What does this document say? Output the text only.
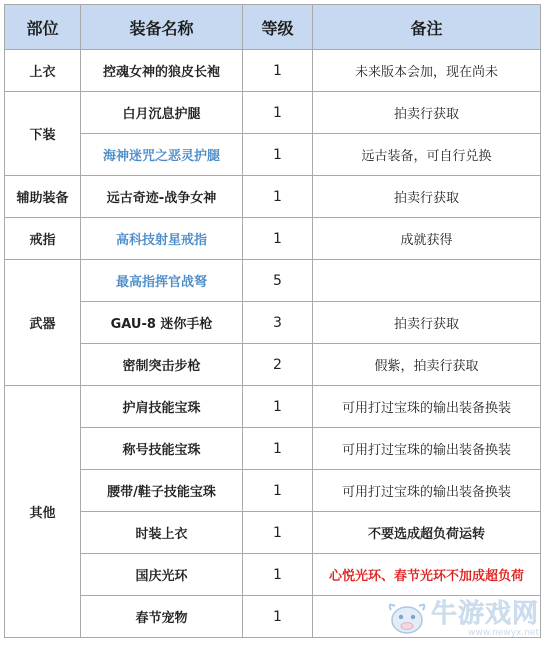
部位	装备名称	等级	备注
上衣	控魂女神的狼皮长袍	1	未来版本会加，现在尚未
下装	白月沉息护腿	1	拍卖行获取
	海神迷咒之恶灵护腿	1	远古装备，可自行兑换
辅助装备	远古奇迹-战争女神	1	拍卖行获取
戒指	高科技射星戒指	1	成就获得
武器	最高指挥官战弩	5	
	GAU-8 迷你手枪	3	拍卖行获取
	密制突击步枪	2	假紫，拍卖行获取
其他	护肩技能宝珠	1	可用打过宝珠的输出装备换装
	称号技能宝珠	1	可用打过宝珠的输出装备换装
	腰带/鞋子技能宝珠	1	可用打过宝珠的输出装备换装
	时装上衣	1	不要选成超负荷运转
	国庆光环	1	心悦光环、春节光环不加成超负荷
	春节宠物	1		牛游戏网
www.newyx.net
